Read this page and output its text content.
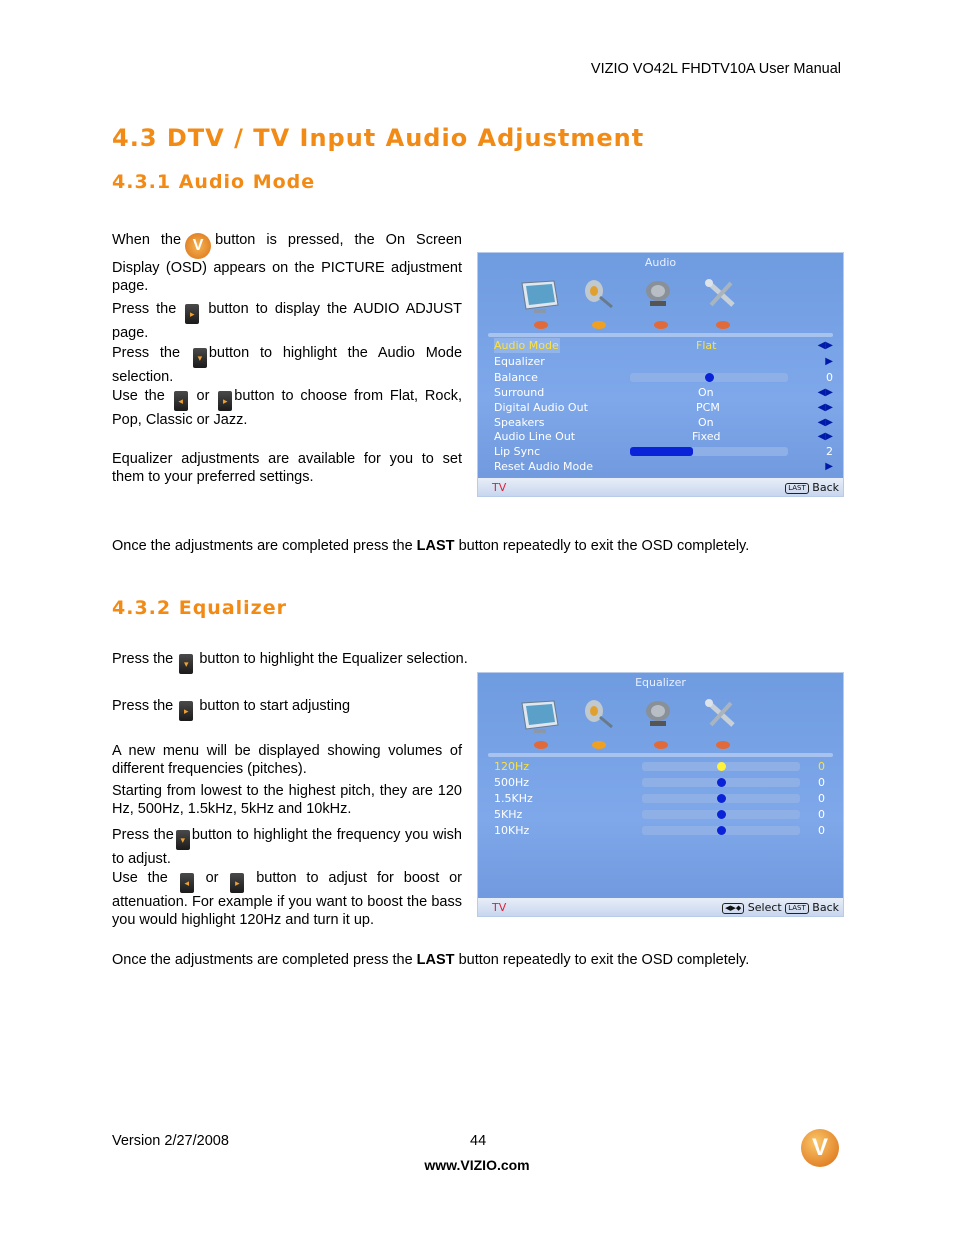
VIZIO VO42L FHDTV10A User Manual
4.3 DTV / TV Input Audio Adjustment
4.3.1 Audio Mode
When the V button is pressed, the On Screen Display (OSD) appears on the PICTURE adjustment page.
Press the ▸ button to display the AUDIO ADJUST page.
Press the ▾ button to highlight the Audio Mode selection.
Use the ◂ or ▸ button to choose from Flat, Rock, Pop, Classic or Jazz.
Equalizer adjustments are available for you to set them to your preferred settings.
Audio
Audio Mode	Flat	◀▶
Equalizer	▶
Balance	0
Surround	On	◀▶
Digital Audio Out	PCM	◀▶
Speakers	On	◀▶
Audio Line Out	Fixed	◀▶
Lip Sync	2
Reset Audio Mode	▶
TV	LAST Back
Once the adjustments are completed press the LAST button repeatedly to exit the OSD completely.
4.3.2 Equalizer
Press the ▾ button to highlight the Equalizer selection.
Press the ▸ button to start adjusting
A new menu will be displayed showing volumes of different frequencies (pitches).
Starting from lowest to the highest pitch, they are 120 Hz, 500Hz, 1.5kHz, 5kHz and 10kHz.
Press the ▾ button to highlight the frequency you wish to adjust.
Use the ◂ or ▸ button to adjust for boost or attenuation. For example if you want to boost the bass you would highlight 120Hz and turn it up.
Equalizer
120Hz	0
500Hz	0
1.5KHz	0
5KHz	0
10KHz	0
TV	◀▶◆ Select LAST Back
Once the adjustments are completed press the LAST button repeatedly to exit the OSD completely.
Version 2/27/2008	44
www.VIZIO.com
V
